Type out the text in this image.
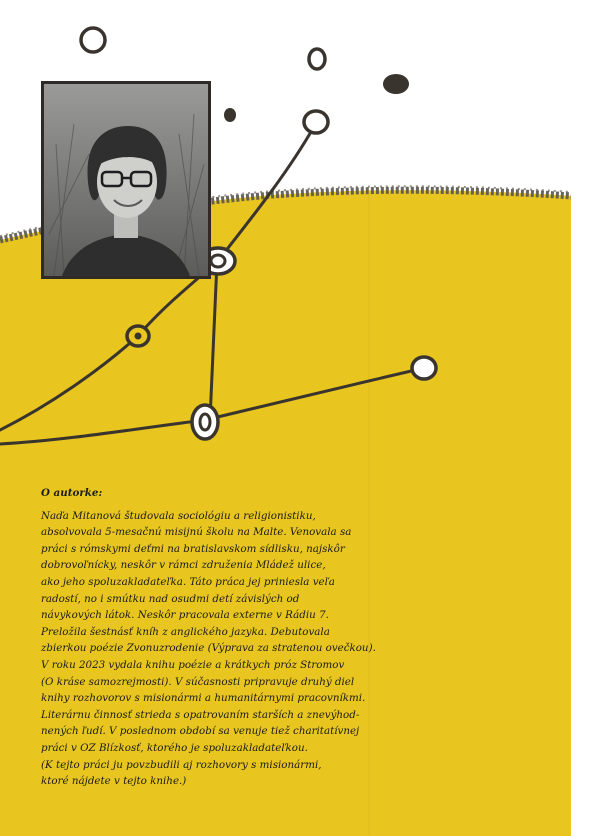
O autorke:
Naďa Mitanová študovala sociológiu a religionistiku,
absolvovala 5-mesačnú misijnú školu na Malte. Venovala sa
práci s rómskymi deťmi na bratislavskom sídlisku, najskôr
dobrovoľnícky, neskôr v rámci združenia Mládež ulice,
ako jeho spoluzakladateľka. Táto práca jej priniesla veľa
radostí, no i smútku nad osudmi detí závislých od
návykových látok. Neskôr pracovala externe v Rádiu 7.
Preložila šestnásť kníh z anglického jazyka. Debutovala
zbierkou poézie Zvonuzrodenie (Výprava za stratenou ovečkou).
V roku 2023 vydala knihu poézie a krátkych próz Stromov
(O kráse samozrejmosti). V súčasnosti pripravuje druhý diel
knihy rozhovorov s misionármi a humanitárnymi pracovníkmi.
Literárnu činnosť strieda s opatrovaním starších a znevýhod-
nených ľudí. V poslednom období sa venuje tiež charitatívnej
práci v OZ Blízkosť, ktorého je spoluzakladateľkou.
(K tejto práci ju povzbudili aj rozhovory s misionármi,
ktoré nájdete v tejto knihe.)
